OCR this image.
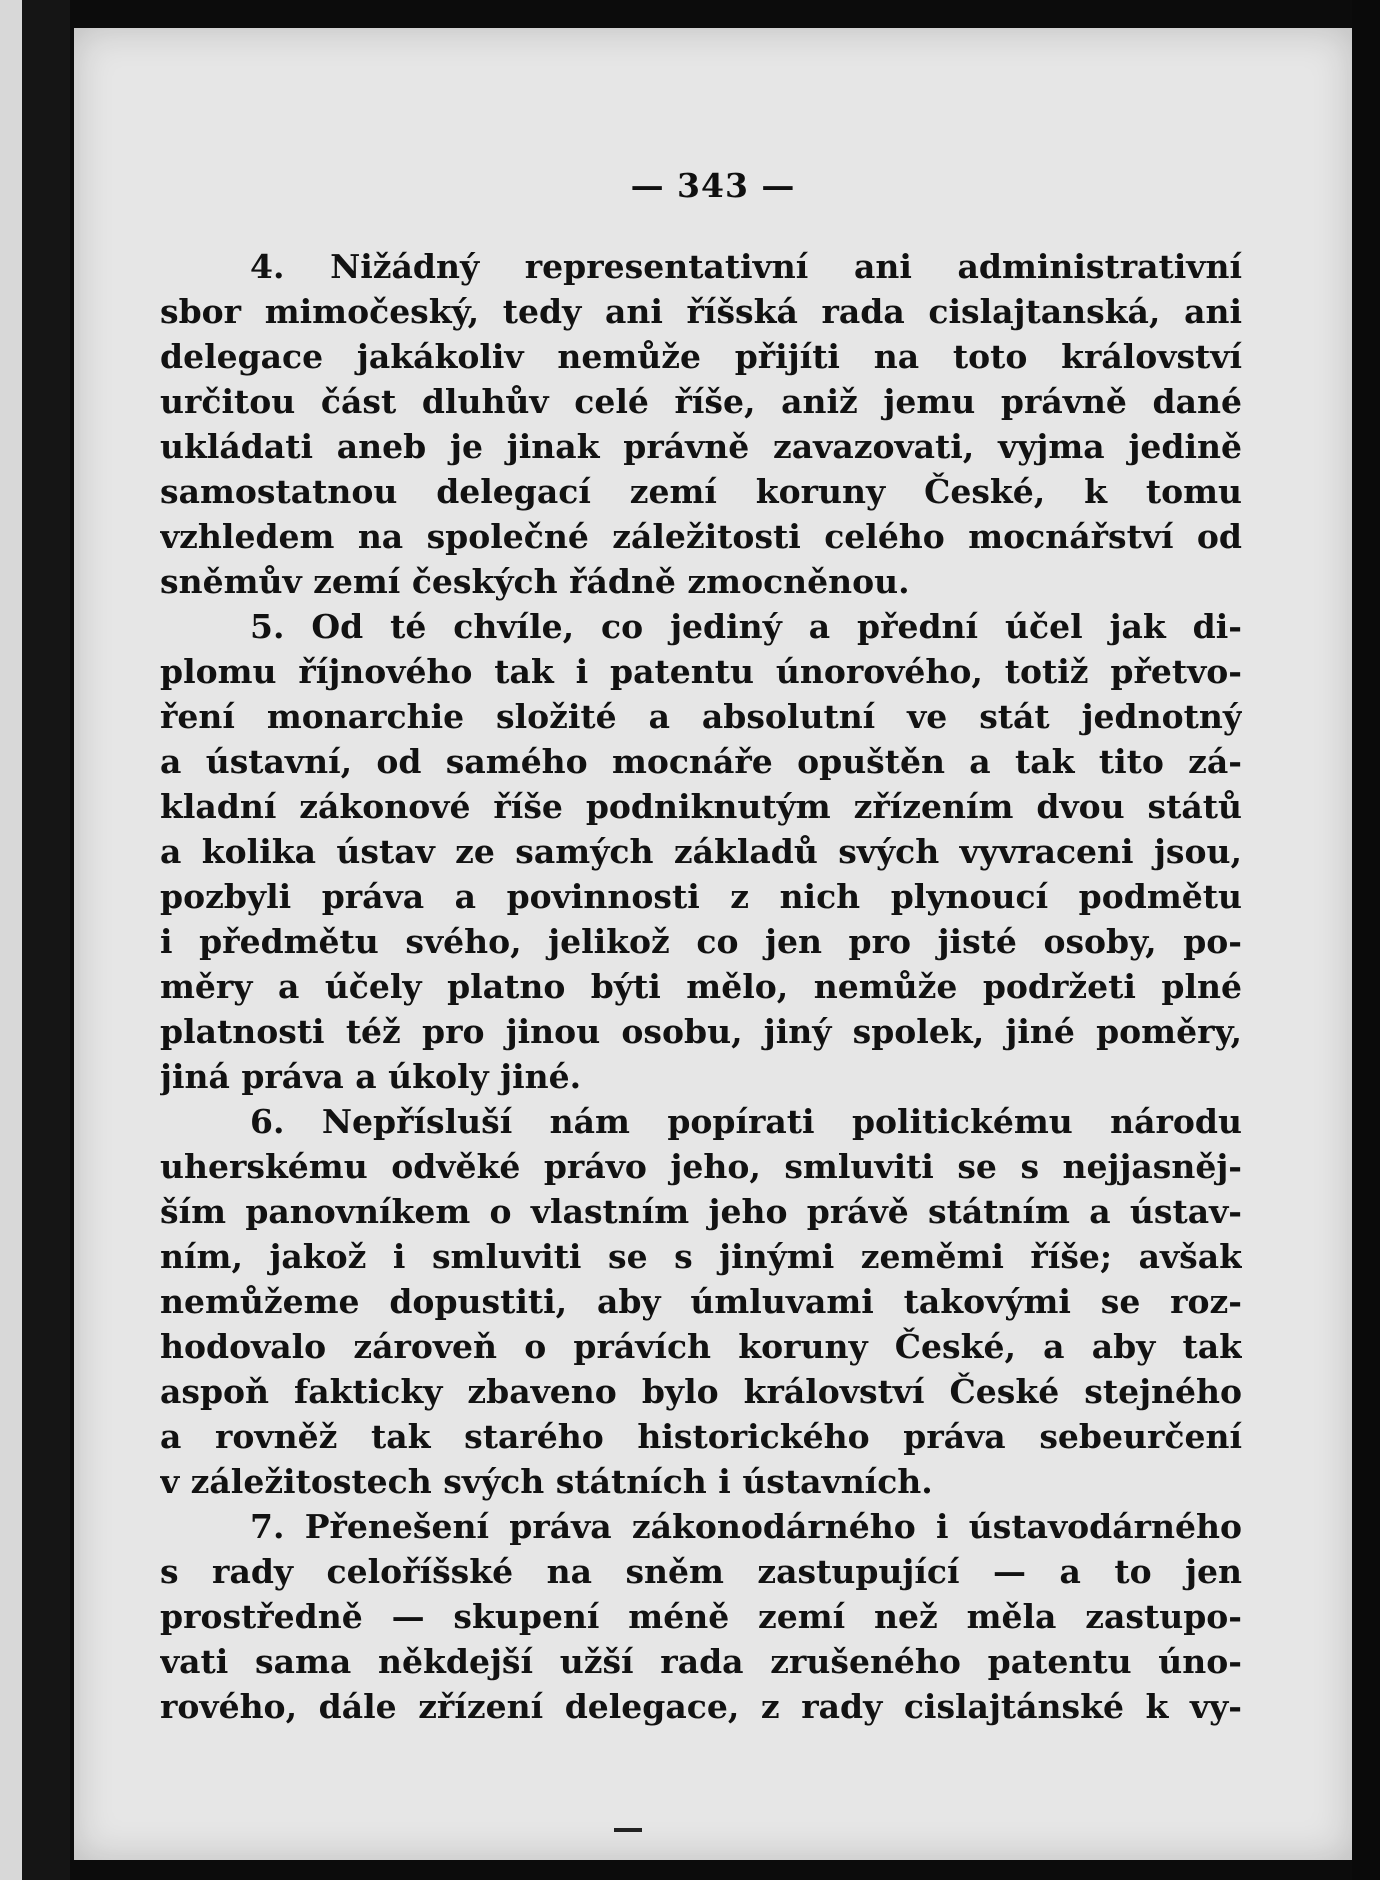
— 343 —
4. Nižádný representativní ani administrativní
sbor mimočeský, tedy ani říšská rada cislajtanská, ani
delegace jakákoliv nemůže přijíti na toto království
určitou část dluhův celé říše, aniž jemu právně dané
ukládati aneb je jinak právně zavazovati, vyjma jedině
samostatnou delegací zemí koruny České, k tomu
vzhledem na společné záležitosti celého mocnářství od
sněmův zemí českých řádně zmocněnou.
5. Od té chvíle, co jediný a přední účel jak di-
plomu říjnového tak i patentu únorového, totiž přetvo-
ření monarchie složité a absolutní ve stát jednotný
a ústavní, od samého mocnáře opuštěn a tak tito zá-
kladní zákonové říše podniknutým zřízením dvou států
a kolika ústav ze samých základů svých vyvraceni jsou,
pozbyli práva a povinnosti z nich plynoucí podmětu
i předmětu svého, jelikož co jen pro jisté osoby, po-
měry a účely platno býti mělo, nemůže podržeti plné
platnosti též pro jinou osobu, jiný spolek, jiné poměry,
jiná práva a úkoly jiné.
6. Nepřísluší nám popírati politickému národu
uherskému odvěké právo jeho, smluviti se s nejjasněj-
ším panovníkem o vlastním jeho právě státním a ústav-
ním, jakož i smluviti se s jinými zeměmi říše; avšak
nemůžeme dopustiti, aby úmluvami takovými se roz-
hodovalo zároveň o právích koruny České, a aby tak
aspoň fakticky zbaveno bylo království České stejného
a rovněž tak starého historického práva sebeurčení
v záležitostech svých státních i ústavních.
7. Přenešení práva zákonodárného i ústavodárného
s rady celoříšské na sněm zastupující — a to jen
prostředně — skupení méně zemí než měla zastupo-
vati sama někdejší užší rada zrušeného patentu úno-
rového, dále zřízení delegace, z rady cislajtánské k vy-
